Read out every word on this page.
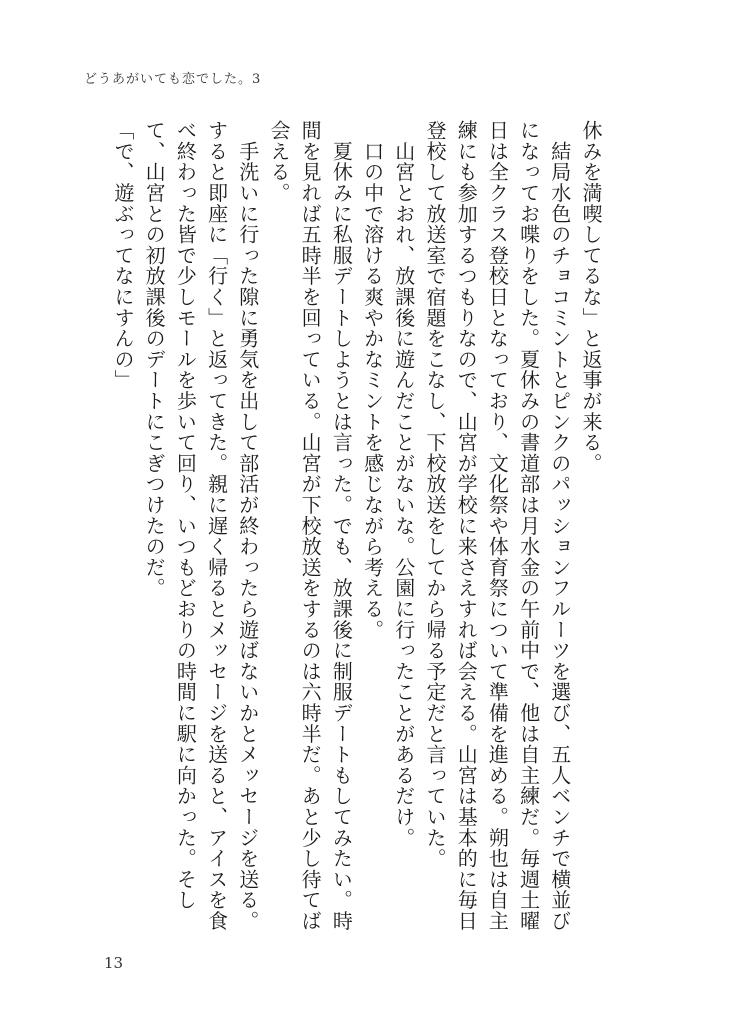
どうあがいても恋でした。3

休みを満喫してるな」と返事が来る。

　結局水色のチョコミントとピンクのパッションフルーツを選び、五人ベンチで横並びになってお喋りをした。夏休みの書道部は月水金の午前中で、他は自主練だ。毎週土曜日は全クラス登校日となっており、文化祭や体育祭について準備を進める。朔也は自主練にも参加するつもりなので、山宮が学校に来さえすれば会える。山宮は基本的に毎日登校して放送室で宿題をこなし、下校放送をしてから帰る予定だと言っていた。

　山宮とおれ、放課後に遊んだことがないな。公園に行ったことがあるだけ。

　口の中で溶ける爽やかなミントを感じながら考える。

　夏休みに私服デートしようとは言った。でも、放課後に制服デートもしてみたい。時間を見れば五時半を回っている。山宮が下校放送をするのは六時半だ。あと少し待てば会える。

　手洗いに行った隙に勇気を出して部活が終わったら遊ばないかとメッセージを送る。すると即座に「行く」と返ってきた。親に遅く帰るとメッセージを送ると、アイスを食べ終わった皆で少しモールを歩いて回り、いつもどおりの時間に駅に向かった。そして、山宮との初放課後のデートにこぎつけたのだ。

「で、遊ぶってなにすんの」

13
